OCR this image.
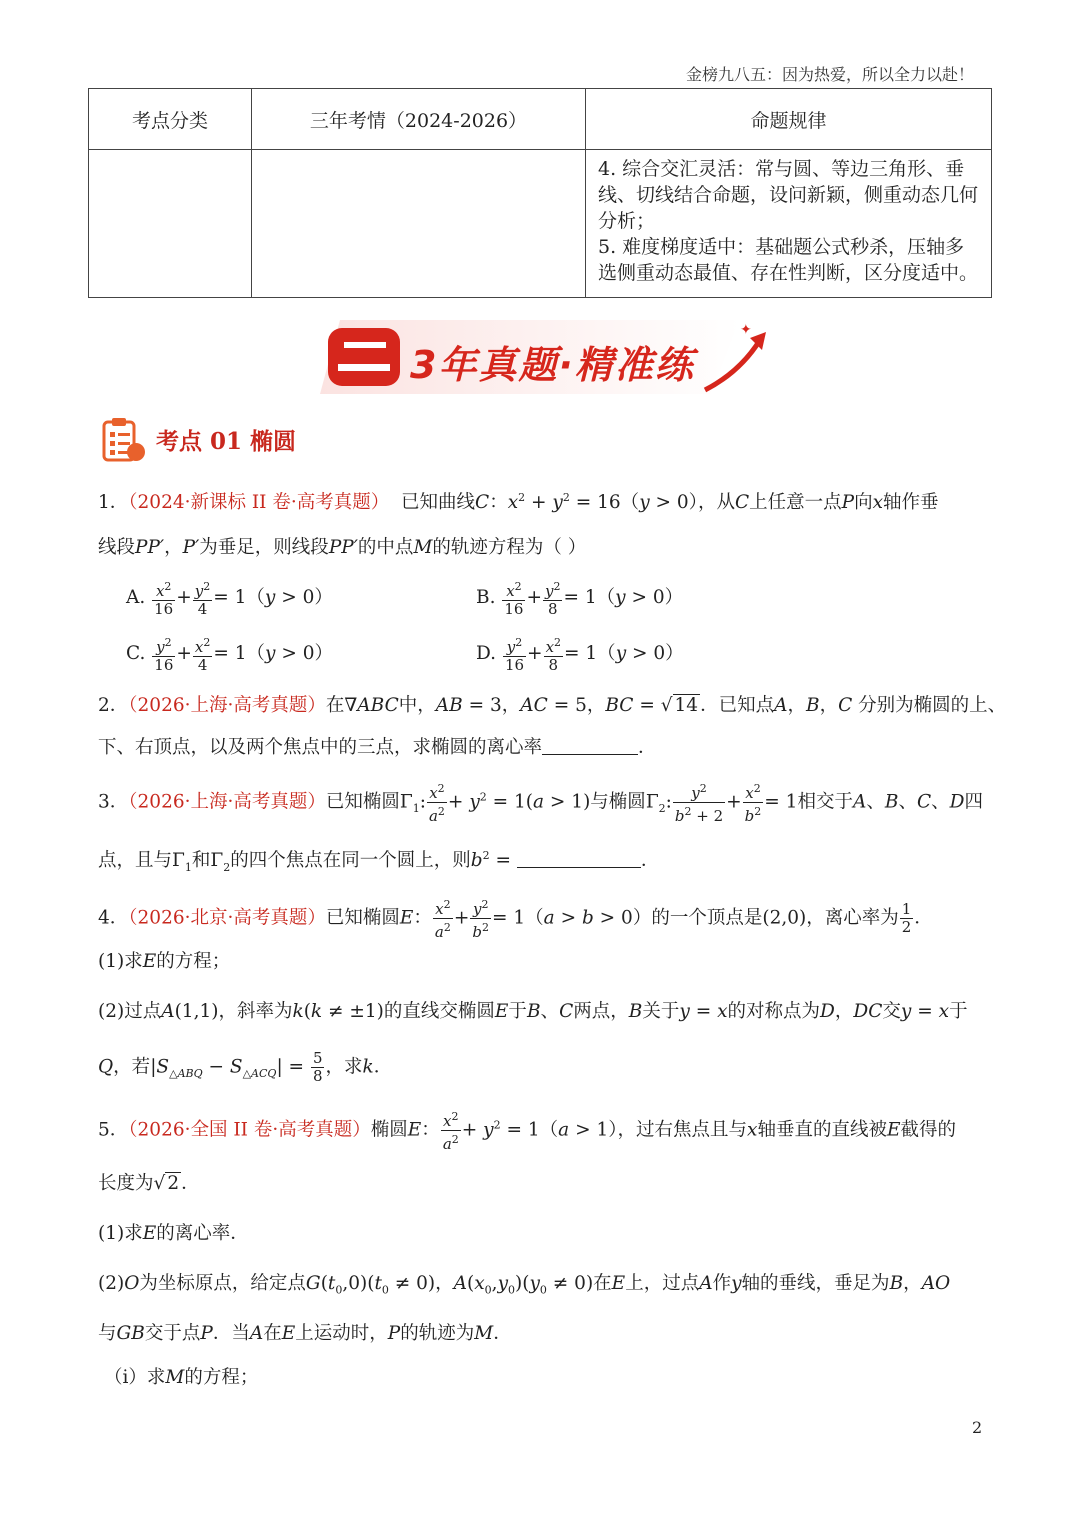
金榜九八五：因为热爱，所以全力以赴！
考点分类	三年考情（2024-2026）	命题规律

		4. 综合交汇灵活：常与圆、等边三角形、垂线、切线结合命题，设问新颖，侧重动态几何分析；
5. 难度梯度适中：基础题公式秒杀，压轴多选侧重动态最值、存在性判断，区分度适中。
✦
3年真题·精准练
考点 01 椭圆
1．（2024·新课标 II 卷·高考真题） 已知曲线C：$x^2 + y^2 = 16(y > 0)$，从C上任意一点P向x轴作垂
线段PP′，P′为垂足，则线段PP′的中点M的轨迹方程为（ ）
A. $\frac{x^2}{16} + \frac{y^2}{4} = 1(y > 0)$	B. $\frac{x^2}{16} + \frac{y^2}{8} = 1(y > 0)$
C. $\frac{y^2}{16} + \frac{x^2}{4} = 1(y > 0)$	D. $\frac{y^2}{16} + \frac{x^2}{8} = 1(y > 0)$
2．（2026·上海·高考真题）在∇ABC中，AB = 3，AC = 5，BC = √ 14 ．已知点A，B，C 分别为椭圆的上、
下、右顶点，以及两个焦点中的三点，求椭圆的离心率	．
3．（2026·上海·高考真题）已知椭圆$\Gamma_1$: $\frac{x^2}{a^2} + y^2 = 1(a > 1)$与椭圆$\Gamma_2$: $\frac{y^2}{b^2 + 2} + \frac{x^2}{b^2} = 1$相交于A、B、C、D四
点，且与$\Gamma_1$和$\Gamma_2$的四个焦点在同一个圆上，则$b^2$ =	．
4．（2026·北京·高考真题）已知椭圆E： $\frac{x^2}{a^2} + \frac{y^2}{b^2} = 1(a > b > 0)$的一个顶点是(2,0)，离心率为 $\frac{1}{2}$ ．
(1)求E的方程；
(2)过点A(1,1)，斜率为k(k ≠ ±1)的直线交椭圆E于B、C两点，B关于y = x的对称点为D，DC交y = x于
Q，若$|S_{\triangle ABQ} - S_{\triangle ACQ}| = \frac{5}{8}$ ，求k．
5．（2026·全国 II 卷·高考真题）椭圆E： $\frac{x^2}{a^2} + y^2 = 1(a > 1)$，过右焦点且与x轴垂直的直线被E截得的
长度为√ 2 ．
(1)求E的离心率．
(2)O为坐标原点，给定点$G(t_0,0)(t_0 \ne 0)$，$A(x_0,y_0)(y_0 \ne 0)$在E上，过点A作y轴的垂线，垂足为B，AO
与GB交于点P．当A在E上运动时，P的轨迹为M．
（i）求M的方程；
2
